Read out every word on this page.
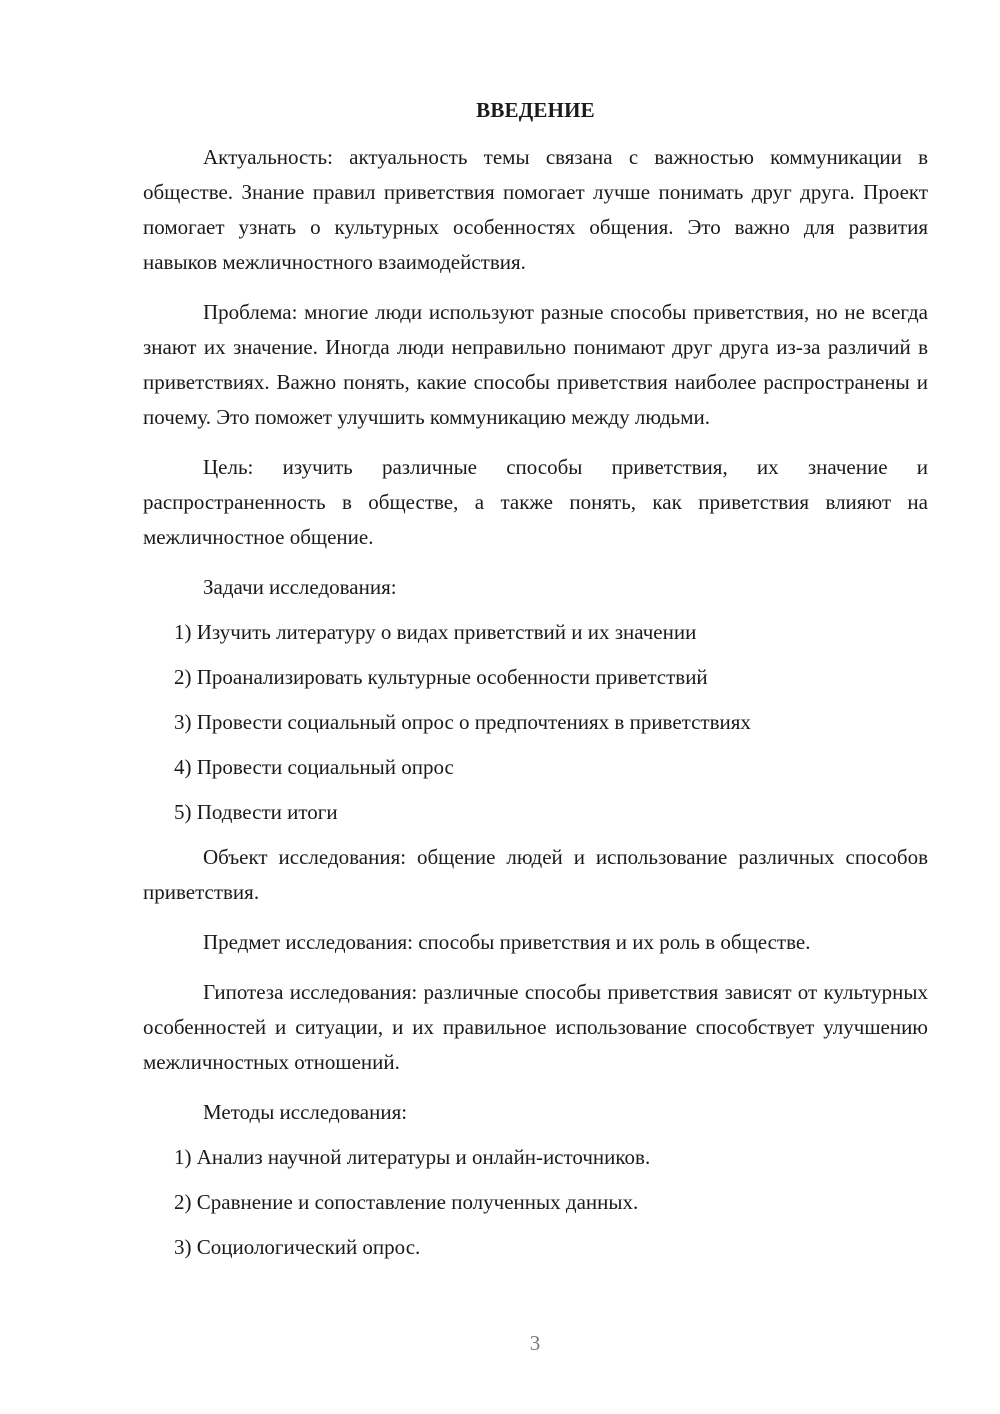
ВВЕДЕНИЕ

Актуальность: актуальность темы связана с важностью коммуникации в обществе. Знание правил приветствия помогает лучше понимать друг друга. Проект помогает узнать о культурных особенностях общения. Это важно для развития навыков межличностного взаимодействия.

Проблема: многие люди используют разные способы приветствия, но не всегда знают их значение. Иногда люди неправильно понимают друг друга из-за различий в приветствиях. Важно понять, какие способы приветствия наиболее распространены и почему. Это поможет улучшить коммуникацию между людьми.

Цель: изучить различные способы приветствия, их значение и распространенность в обществе, а также понять, как приветствия влияют на межличностное общение.

Задачи исследования:

1) Изучить литературу о видах приветствий и их значении
2) Проанализировать культурные особенности приветствий
3) Провести социальный опрос о предпочтениях в приветствиях
4) Провести социальный опрос
5) Подвести итоги

Объект исследования: общение людей и использование различных способов приветствия.

Предмет исследования: способы приветствия и их роль в обществе.

Гипотеза исследования: различные способы приветствия зависят от культурных особенностей и ситуации, и их правильное использование способствует улучшению межличностных отношений.

Методы исследования:

1) Анализ научной литературы и онлайн-источников.
2) Сравнение и сопоставление полученных данных.
3) Социологический опрос.
3
